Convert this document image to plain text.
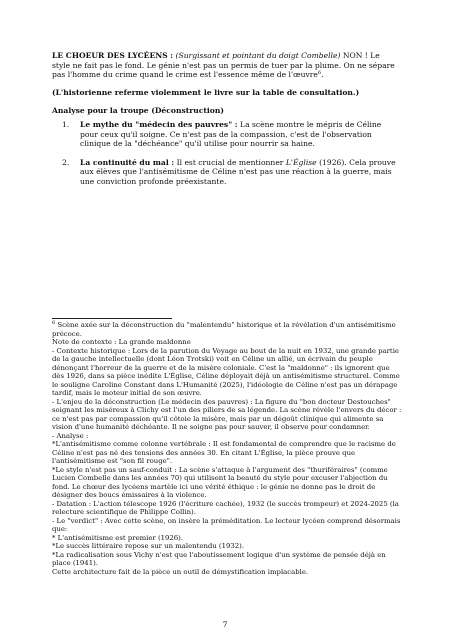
LE CHOEUR DES LYCÉENS : (Surgissant et pointant du doigt Combelle) NON ! Le style ne fait pas le fond. Le génie n'est pas un permis de tuer par la plume. On ne sépare pas l'homme du crime quand le crime est l'essence même de l'œuvre$^6$.
(L'historienne referme violemment le livre sur la table de consultation.)
Analyse pour la troupe (Déconstruction)
1. Le mythe du "médecin des pauvres" : La scène montre le mépris de Céline pour ceux qu'il soigne. Ce n'est pas de la compassion, c'est de l'observation clinique de la "déchéance" qu'il utilise pour nourrir sa haine.
2. La continuité du mal : Il est crucial de mentionner L'Église (1926). Cela prouve aux élèves que l'antisémitisme de Céline n'est pas une réaction à la guerre, mais une conviction profonde préexistante.
$^6$ Scène axée sur la déconstruction du "malentendu" historique et la révélation d'un antisémitisme précoce.
Note de contexte : La grande maldonne
- Contexte historique : Lors de la parution du Voyage au bout de la nuit en 1932, une grande partie de la gauche intellectuelle (dont Léon Trotski) voit en Céline un allié, un écrivain du peuple dénonçant l'horreur de la guerre et de la misère coloniale. C'est la "maldonne" : ils ignorent que dès 1926, dans sa pièce inédite L'Église, Céline déployait déjà un antisémitisme structurel. Comme le souligne Caroline Constant dans L'Humanité (2025), l'idéologie de Céline n'est pas un dérapage tardif, mais le moteur initial de son œuvre.
- L'enjeu de la déconstruction (Le médecin des pauvres) : La figure du "bon docteur Destouches" soignant les miséreux à Clichy est l'un des piliers de sa légende. La scène révèle l'envers du décor : ce n'est pas par compassion qu'il côtoie la misère, mais par un dégoût clinique qui alimente sa vision d'une humanité déchéante. Il ne soigne pas pour sauver, il observe pour condamner.
- Analyse :
*L'antisémitisme comme colonne vertébrale : Il est fondamental de comprendre que le racisme de Céline n'est pas né des tensions des années 30. En citant L'Église, la pièce prouve que l'antisémitisme est "son fil rouge".
*Le style n'est pas un sauf-conduit : La scène s'attaque à l'argument des "thuriféraires" (comme Lucien Combelle dans les années 70) qui utilisent la beauté du style pour excuser l'abjection du fond. Le chœur des lycéens martèle ici une vérité éthique : le génie ne donne pas le droit de désigner des boucs émissaires à la violence.
- Datation : L'action télescope 1926 (l'écriture cachée), 1932 (le succès trompeur) et 2024-2025 (la relecture scientifique de Philippe Collin).
- Le "verdict" : Avec cette scène, on insère la préméditation. Le lecteur lycéen comprend désormais que:
* L'antisémitisme est premier (1926).
*Le succès littéraire repose sur un malentendu (1932).
*La radicalisation sous Vichy n'est que l'aboutissement logique d'un système de pensée déjà en place (1941).
Cette architecture fait de la pièce un outil de démystification implacable.
7
